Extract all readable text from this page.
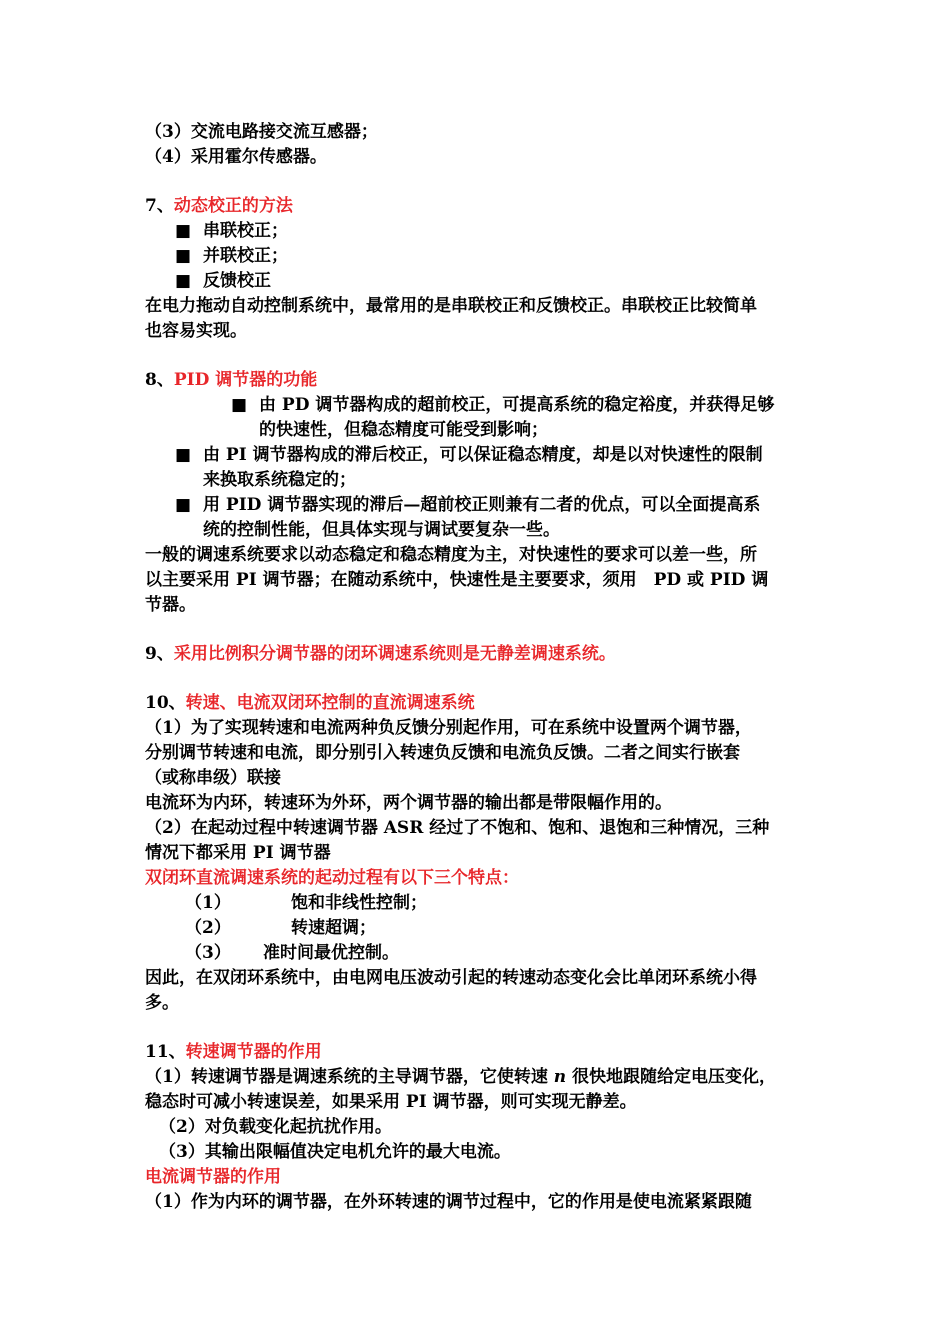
（3）交流电路接交流互感器；
（4）采用霍尔传感器。
7、动态校正的方法
■ 串联校正；
■ 并联校正；
■ 反馈校正
在电力拖动自动控制系统中，最常用的是串联校正和反馈校正。串联校正比较简单
也容易实现。
8、PID 调节器的功能
■ 由 PD 调节器构成的超前校正，可提高系统的稳定裕度，并获得足够
的快速性，但稳态精度可能受到影响；
■ 由 PI 调节器构成的滞后校正，可以保证稳态精度，却是以对快速性的限制
来换取系统稳定的；
■ 用 PID 调节器实现的滞后—超前校正则兼有二者的优点，可以全面提高系
统的控制性能，但具体实现与调试要复杂一些。
一般的调速系统要求以动态稳定和稳态精度为主，对快速性的要求可以差一些，所
以主要采用 PI 调节器；在随动系统中，快速性是主要要求，须用　PD 或 PID 调
节器。
9、采用比例积分调节器的闭环调速系统则是无静差调速系统。
10、转速、电流双闭环控制的直流调速系统
（1）为了实现转速和电流两种负反馈分别起作用，可在系统中设置两个调节器，
分别调节转速和电流，即分别引入转速负反馈和电流负反馈。二者之间实行嵌套
（或称串级）联接
电流环为内环，转速环为外环，两个调节器的输出都是带限幅作用的。
（2）在起动过程中转速调节器 ASR 经过了不饱和、饱和、退饱和三种情况，三种
情况下都采用 PI 调节器
双闭环直流调速系统的起动过程有以下三个特点：
（1）	饱和非线性控制；
（2）	转速超调；
（3） 准时间最优控制。
因此，在双闭环系统中，由电网电压波动引起的转速动态变化会比单闭环系统小得
多。
11、转速调节器的作用
（1）转速调节器是调速系统的主导调节器，它使转速 n 很快地跟随给定电压变化，
稳态时可减小转速误差，如果采用 PI 调节器，则可实现无静差。
（2）对负载变化起抗扰作用。
（3）其输出限幅值决定电机允许的最大电流。
电流调节器的作用
（1）作为内环的调节器，在外环转速的调节过程中，它的作用是使电流紧紧跟随
